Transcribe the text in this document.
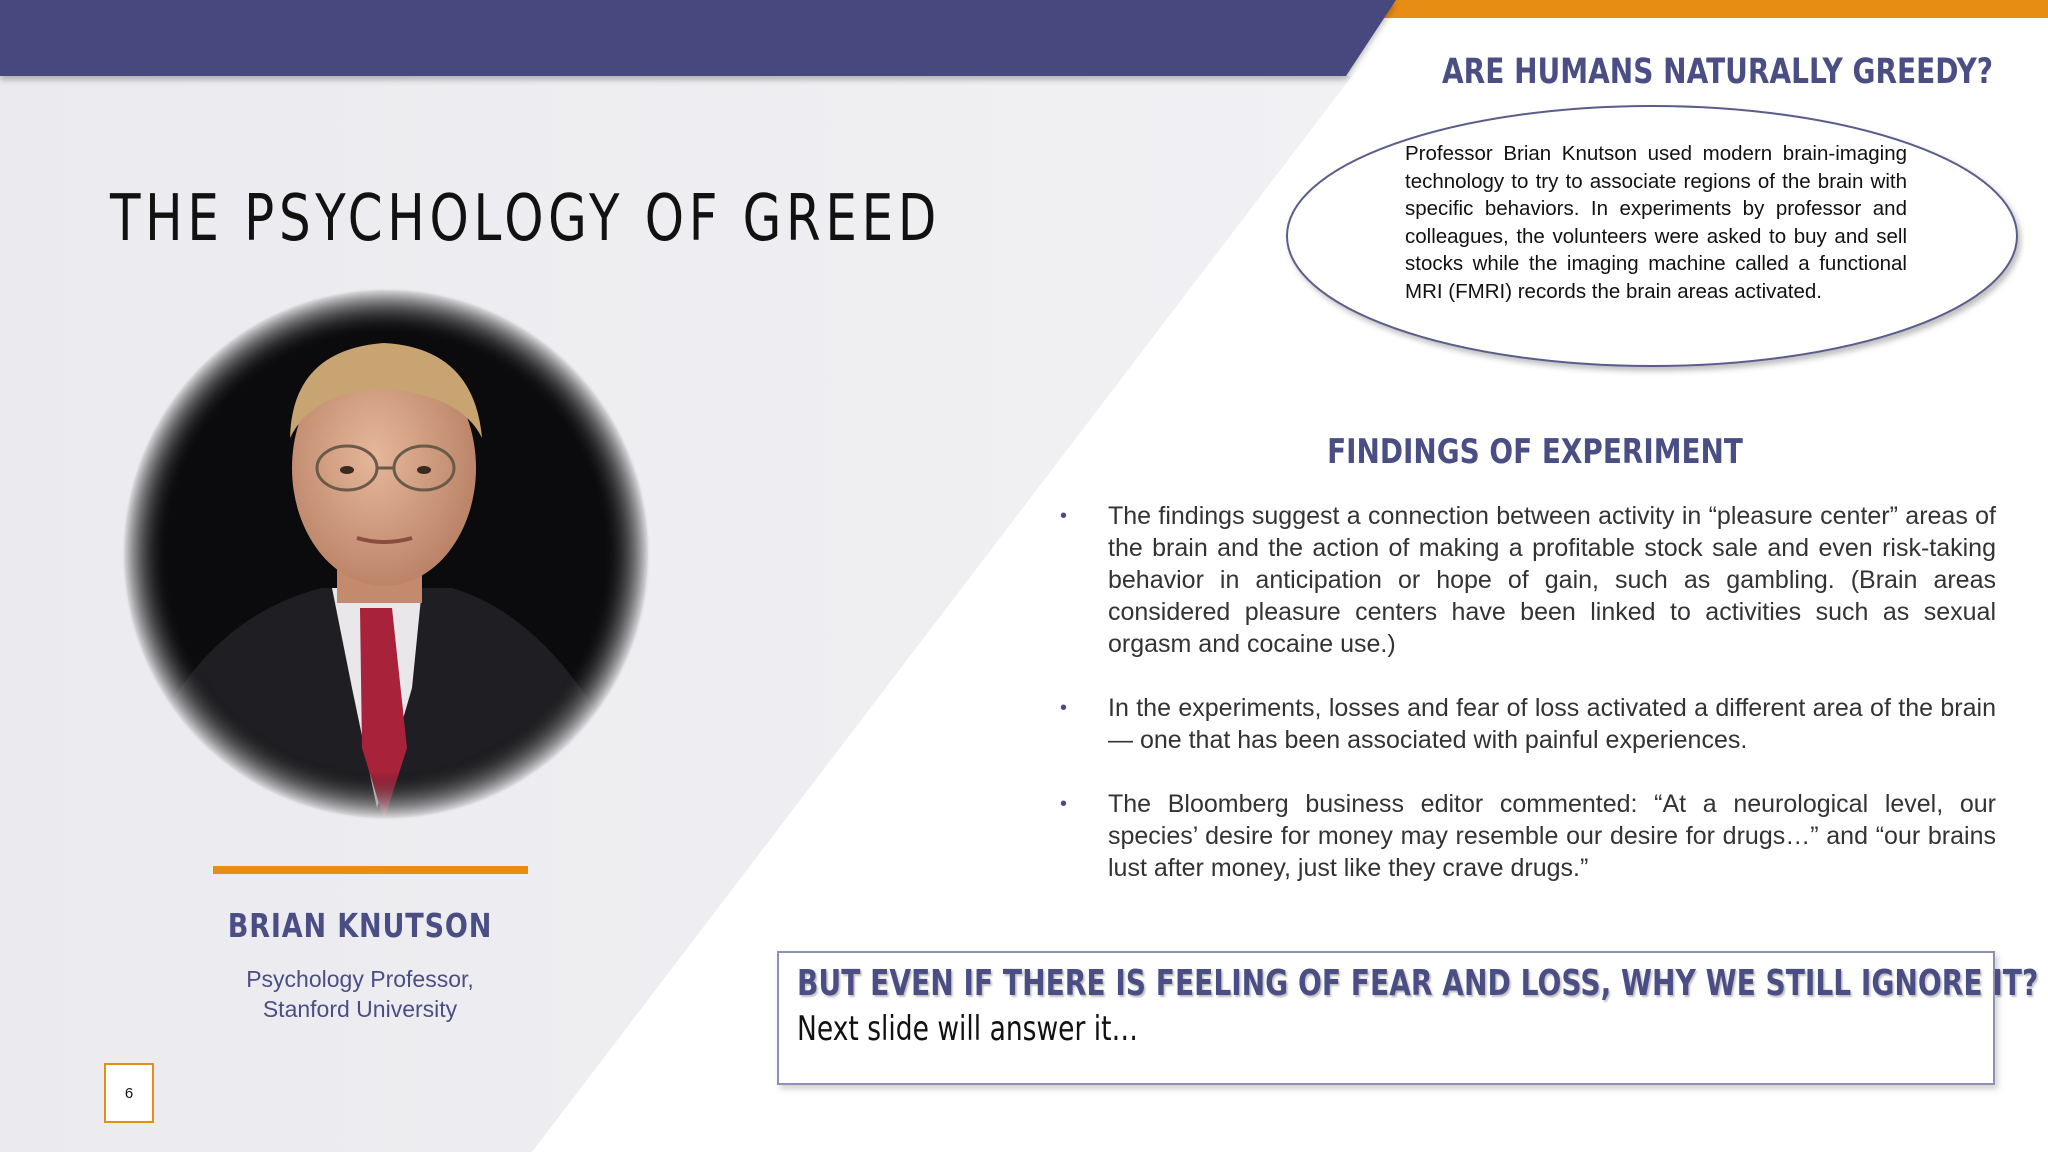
THE PSYCHOLOGY OF GREED
BRIAN KNUTSON
Psychology Professor,
Stanford University
6
ARE HUMANS NATURALLY GREEDY?
Professor Brian Knutson used modern brain-imaging technology to try to associate regions of the brain with specific behaviors. In experiments by professor and colleagues, the volunteers were asked to buy and sell stocks while the imaging machine called a functional MRI (FMRI) records the brain areas activated.
FINDINGS OF EXPERIMENT
• The findings suggest a connection between activity in “pleasure center” areas of the brain and the action of making a profitable stock sale and even risk-taking behavior in anticipation or hope of gain, such as gambling. (Brain areas considered pleasure centers have been linked to activities such as sexual orgasm and cocaine use.)
• In the experiments, losses and fear of loss activated a different area of the brain— one that has been associated with painful experiences.
• The Bloomberg business editor commented: “At a neurological level, our species’ desire for money may resemble our desire for drugs…” and “our brains lust after money, just like they crave drugs.”
BUT EVEN IF THERE IS FEELING OF FEAR AND LOSS, WHY WE STILL IGNORE IT?
Next slide will answer it…
